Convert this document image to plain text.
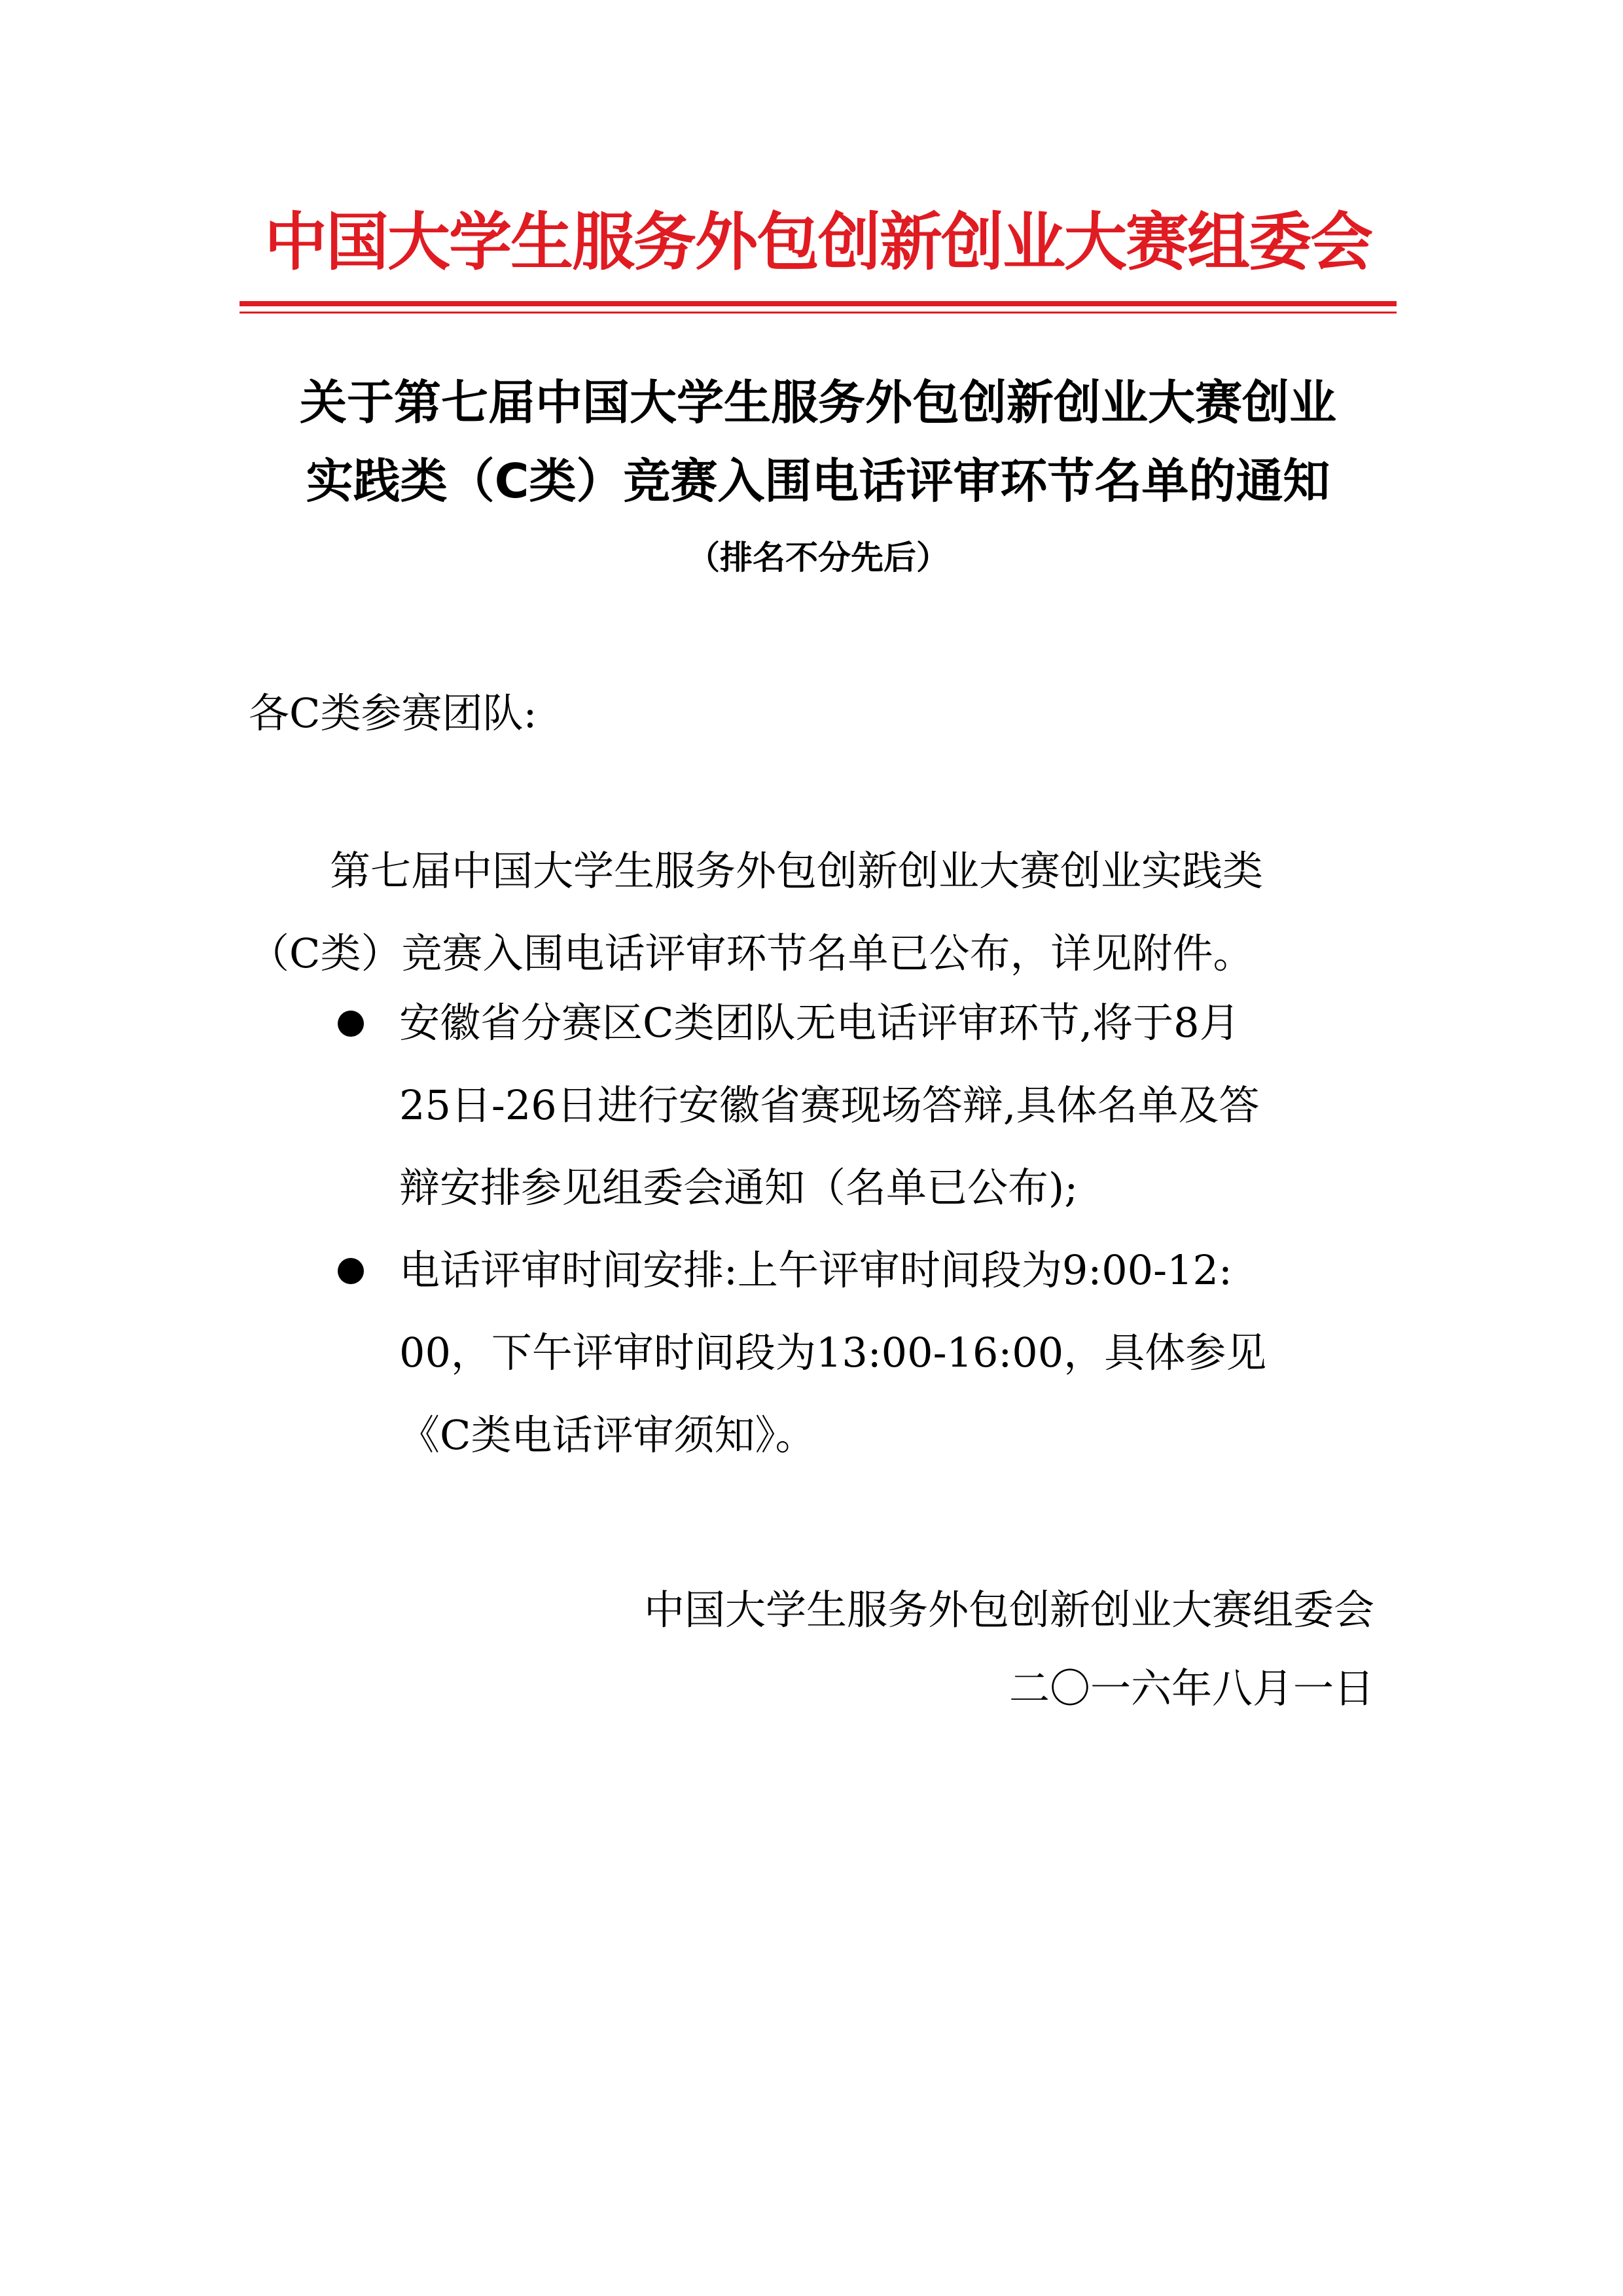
中国大学生服务外包创新创业大赛组委会
关于第七届中国大学生服务外包创新创业大赛创业
实践类（C类）竞赛入围电话评审环节名单的通知
（排名不分先后）
各C类参赛团队:
第七届中国大学生服务外包创新创业大赛创业实践类
（C类）竞赛入围电话评审环节名单已公布，详见附件。
安徽省分赛区C类团队无电话评审环节,将于8月
25日-26日进行安徽省赛现场答辩,具体名单及答
辩安排参见组委会通知（名单已公布);
电话评审时间安排:上午评审时间段为9:00-12:
00，下午评审时间段为13:00-16:00，具体参见
《C类电话评审须知》。
中国大学生服务外包创新创业大赛组委会
二〇一六年八月一日
